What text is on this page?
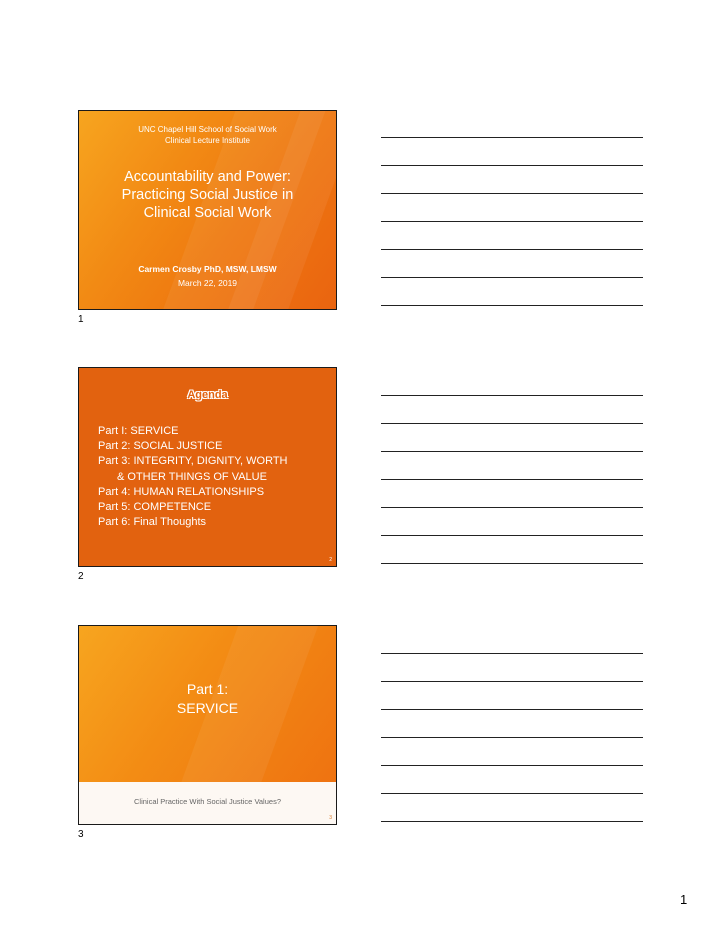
UNC Chapel Hill School of Social Work
Clinical Lecture Institute
Accountability and Power:
Practicing Social Justice in
Clinical Social Work
Carmen Crosby PhD, MSW, LMSW
March 22, 2019
1
Agenda
Part I: SERVICE
Part 2: SOCIAL JUSTICE
Part 3: INTEGRITY, DIGNITY, WORTH
& OTHER THINGS OF VALUE
Part 4: HUMAN RELATIONSHIPS
Part 5: COMPETENCE
Part 6: Final Thoughts
2
2
Part 1:
SERVICE
Clinical Practice With Social Justice Values?
3
3
1
